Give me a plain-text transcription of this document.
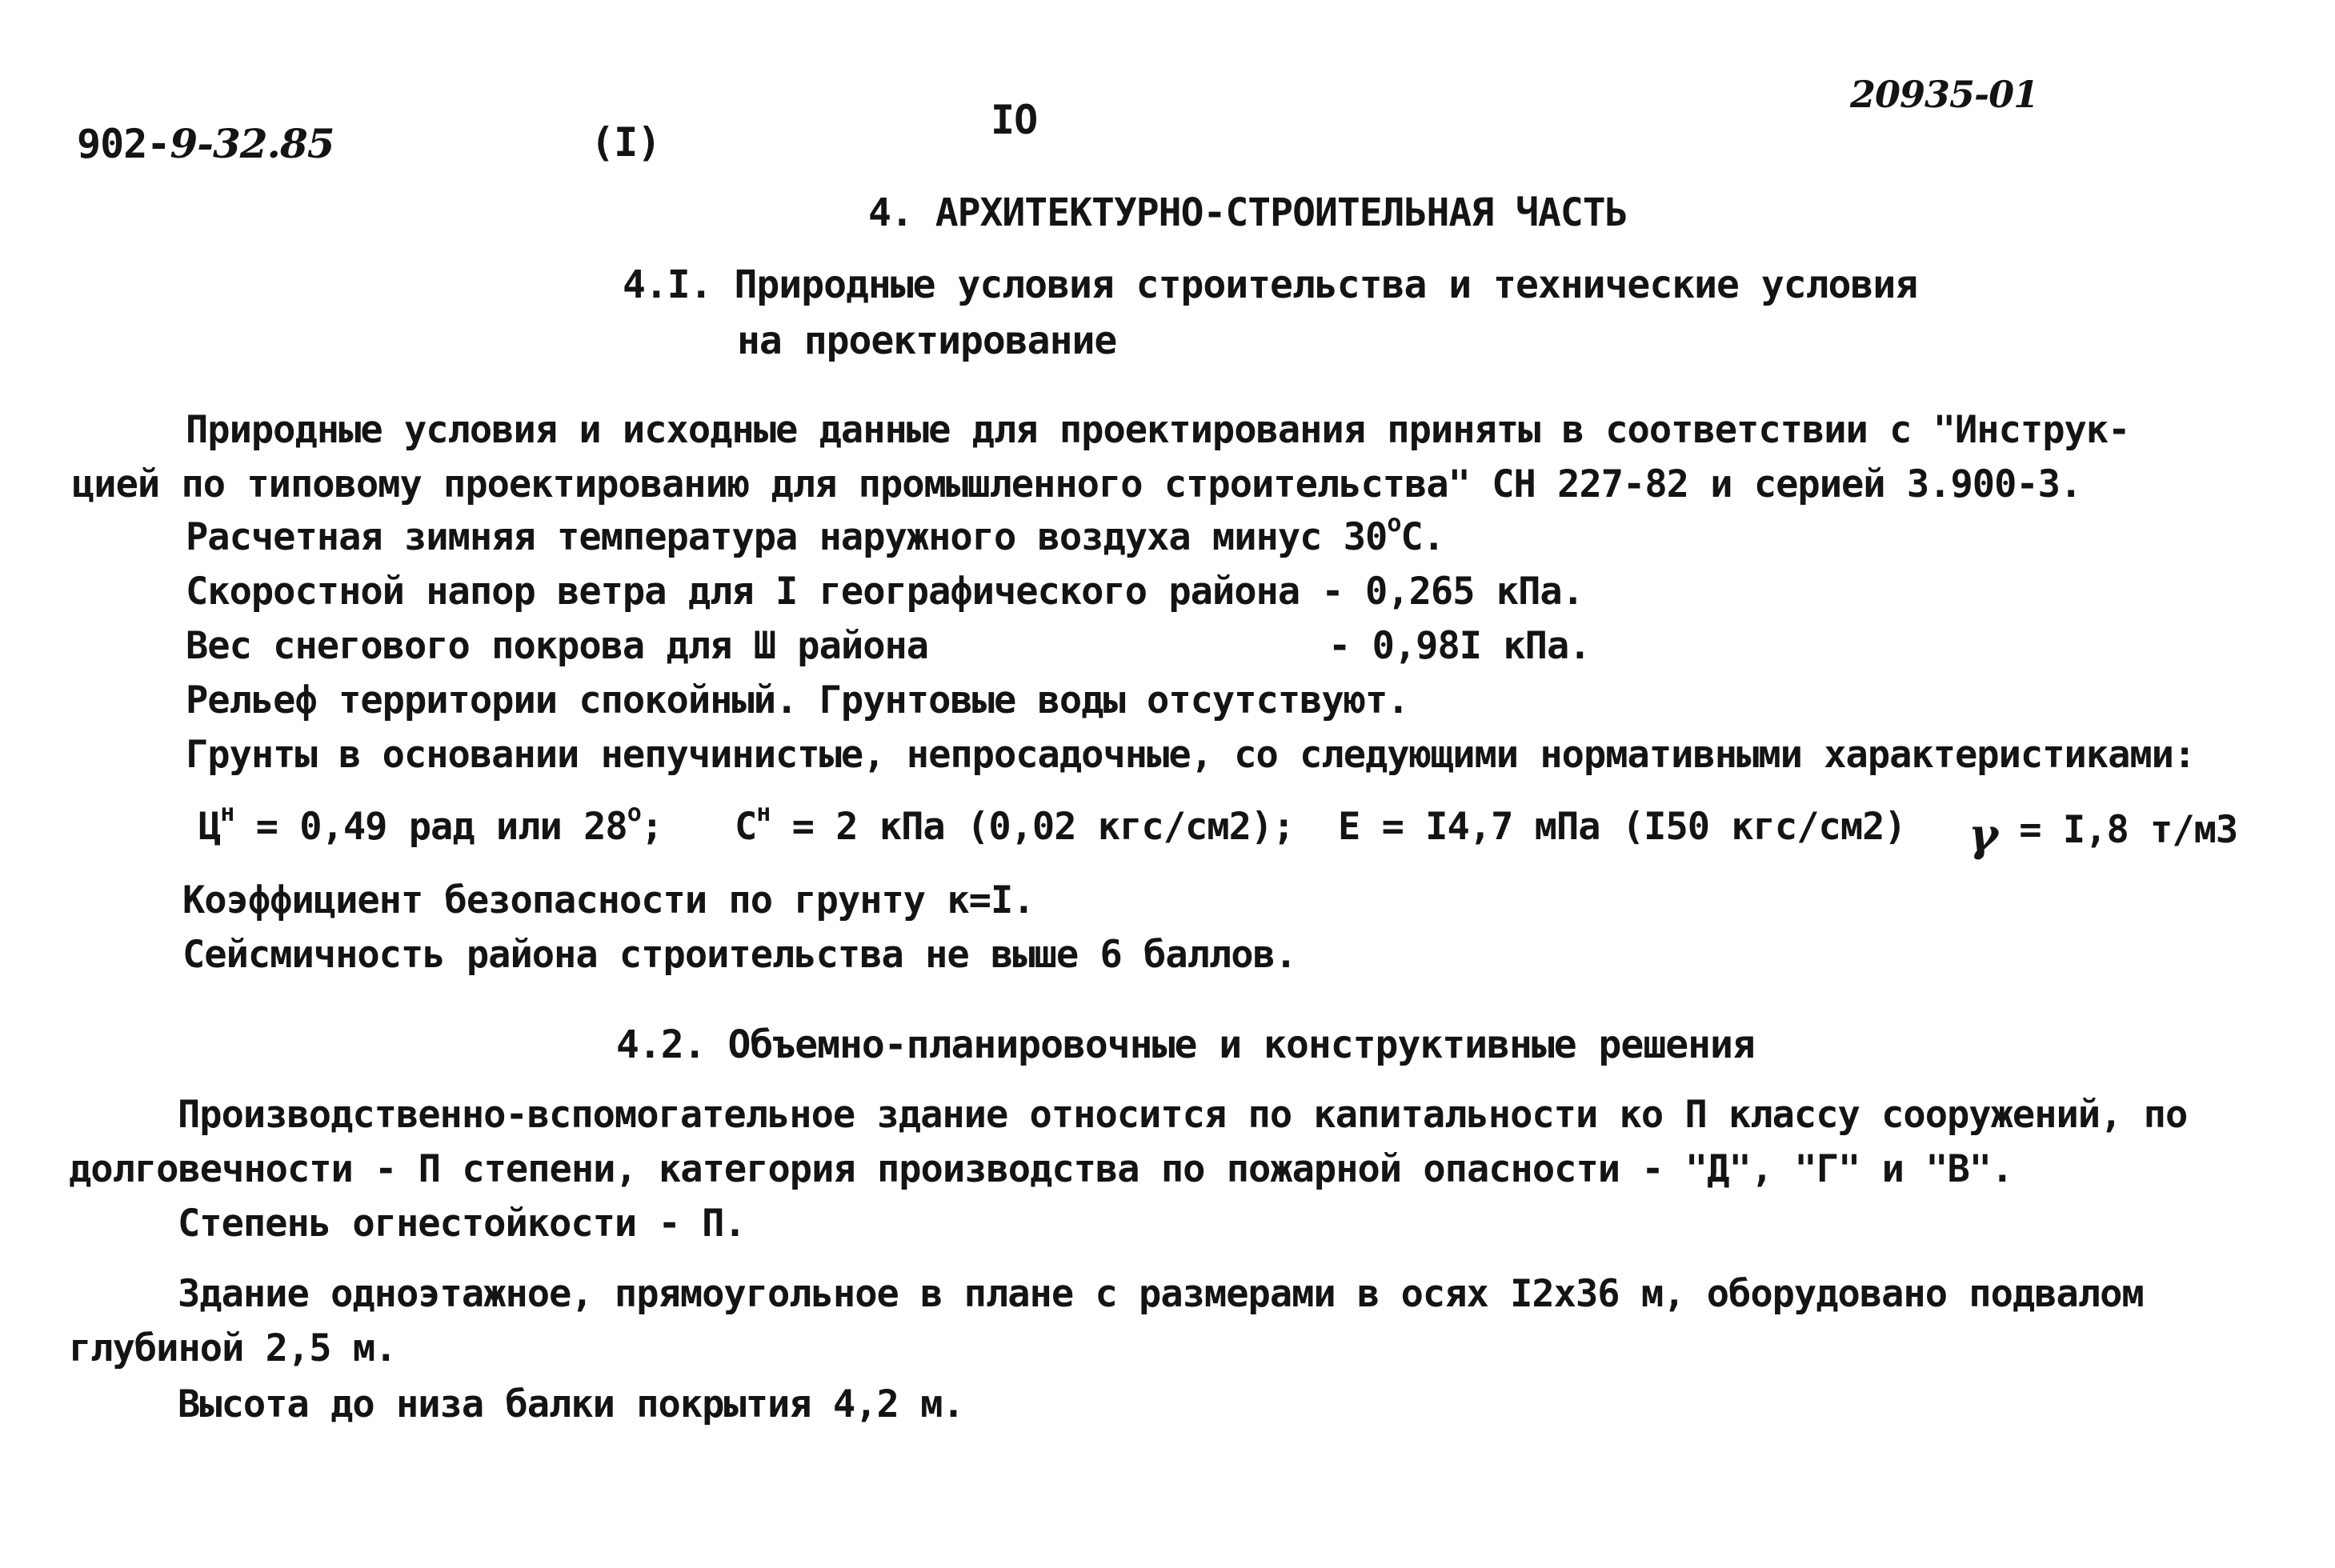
902-9-32.85	(I)	IO
20935-01
4. АРХИТЕКТУРНО-СТРОИТЕЛЬНАЯ ЧАСТЬ
4.I. Природные условия строительства и технические условия
на проектирование
Природные условия и исходные данные для проектирования приняты в соответствии с "Инструк-
цией по типовому проектированию для промышленного строительства" СН 227-82 и серией 3.900-3.
Расчетная зимняя температура наружного воздуха минус $30^оС$.
Скоростной напор ветра для I географического района - 0,265 кПа.
Вес снегового покрова для Ш района	- 0,98I кПа.
Рельеф территории спокойный. Грунтовые воды отсутствуют.
Грунты в основании непучинистые, непросадочные, со следующими нормативными характеристиками:
$Ц^н = 0,49$ рад или $28^о$; $С^н = 2$ кПа (0,02 кгс/см2); Е = I4,7 мПа (I50 кгс/см2) γ = I,8 т/м3
Коэффициент безопасности по грунту к=I.
Сейсмичность района строительства не выше 6 баллов.
4.2. Объемно-планировочные и конструктивные решения
Производственно-вспомогательное здание относится по капитальности ко П классу сооружений, по
долговечности - П степени, категория производства по пожарной опасности - "Д", "Г" и "В".
Степень огнестойкости - П.
Здание одноэтажное, прямоугольное в плане с размерами в осях I2х36 м, оборудовано подвалом
глубиной 2,5 м.
Высота до низа балки покрытия 4,2 м.
